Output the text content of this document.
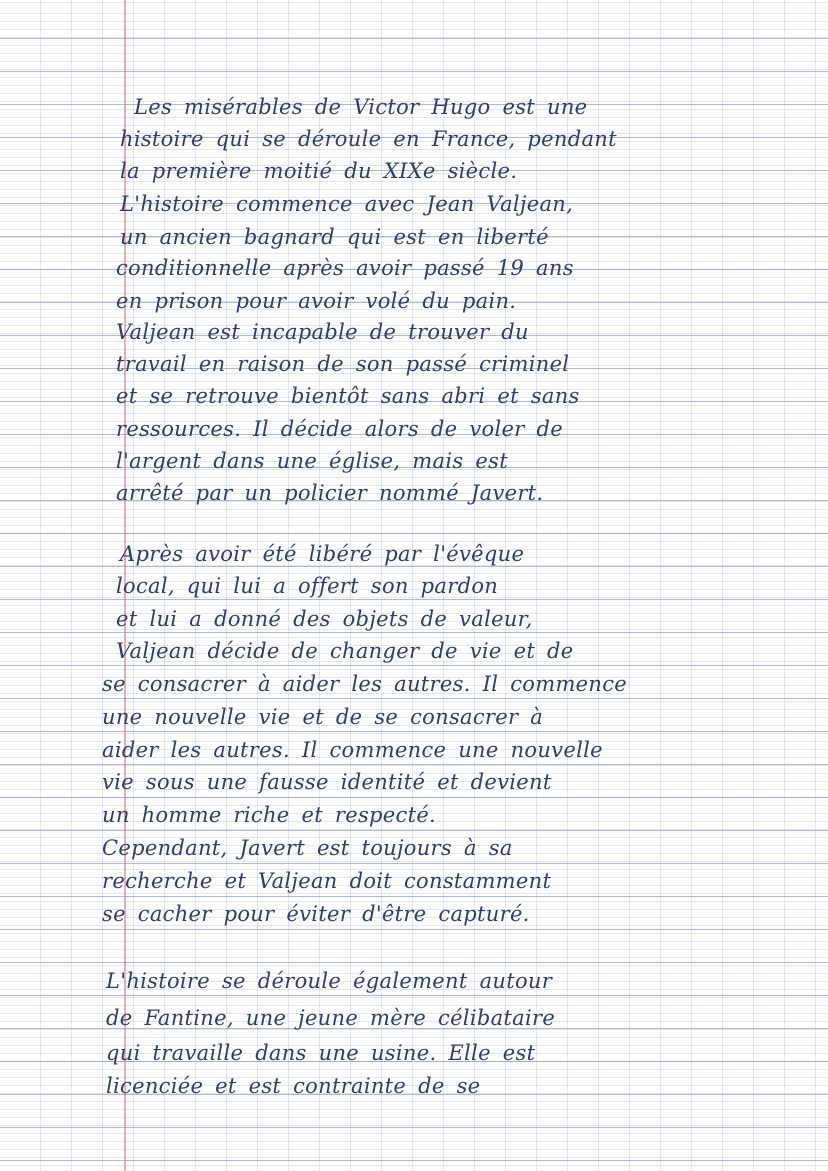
Les misérables de Victor Hugo est une

histoire qui se déroule en France, pendant

la première moitié du XIXe siècle.

L'histoire commence avec Jean Valjean,

un ancien bagnard qui est en liberté

conditionnelle après avoir passé 19 ans

en prison pour avoir volé du pain.

Valjean est incapable de trouver du

travail en raison de son passé criminel

et se retrouve bientôt sans abri et sans

ressources. Il décide alors de voler de

l'argent dans une église, mais est

arrêté par un policier nommé Javert.

Après avoir été libéré par l'évêque

local, qui lui a offert son pardon

et lui a donné des objets de valeur,

Valjean décide de changer de vie et de

se consacrer à aider les autres. Il commence

une nouvelle vie et de se consacrer à

aider les autres. Il commence une nouvelle

vie sous une fausse identité et devient

un homme riche et respecté.

Cependant, Javert est toujours à sa

recherche et Valjean doit constamment

se cacher pour éviter d'être capturé.

L'histoire se déroule également autour

de Fantine, une jeune mère célibataire

qui travaille dans une usine. Elle est

licenciée et est contrainte de se
